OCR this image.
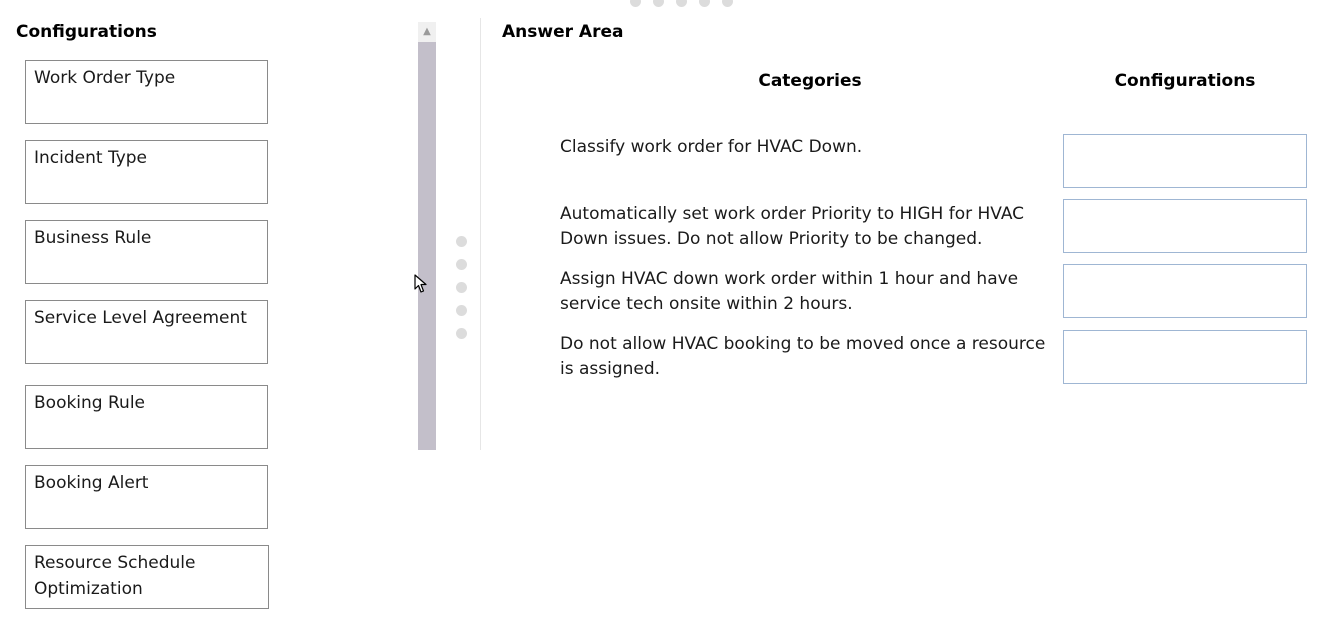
Configurations
Work Order Type
Incident Type
Business Rule
Service Level Agreement
Booking Rule
Booking Alert
Resource Schedule Optimization
▲	Answer Area
Categories	Configurations
Classify work order for HVAC Down.
Automatically set work order Priority to HIGH for HVAC Down issues. Do not allow Priority to be changed.
Assign HVAC down work order within 1 hour and have service tech onsite within 2 hours.
Do not allow HVAC booking to be moved once a resource is assigned.
